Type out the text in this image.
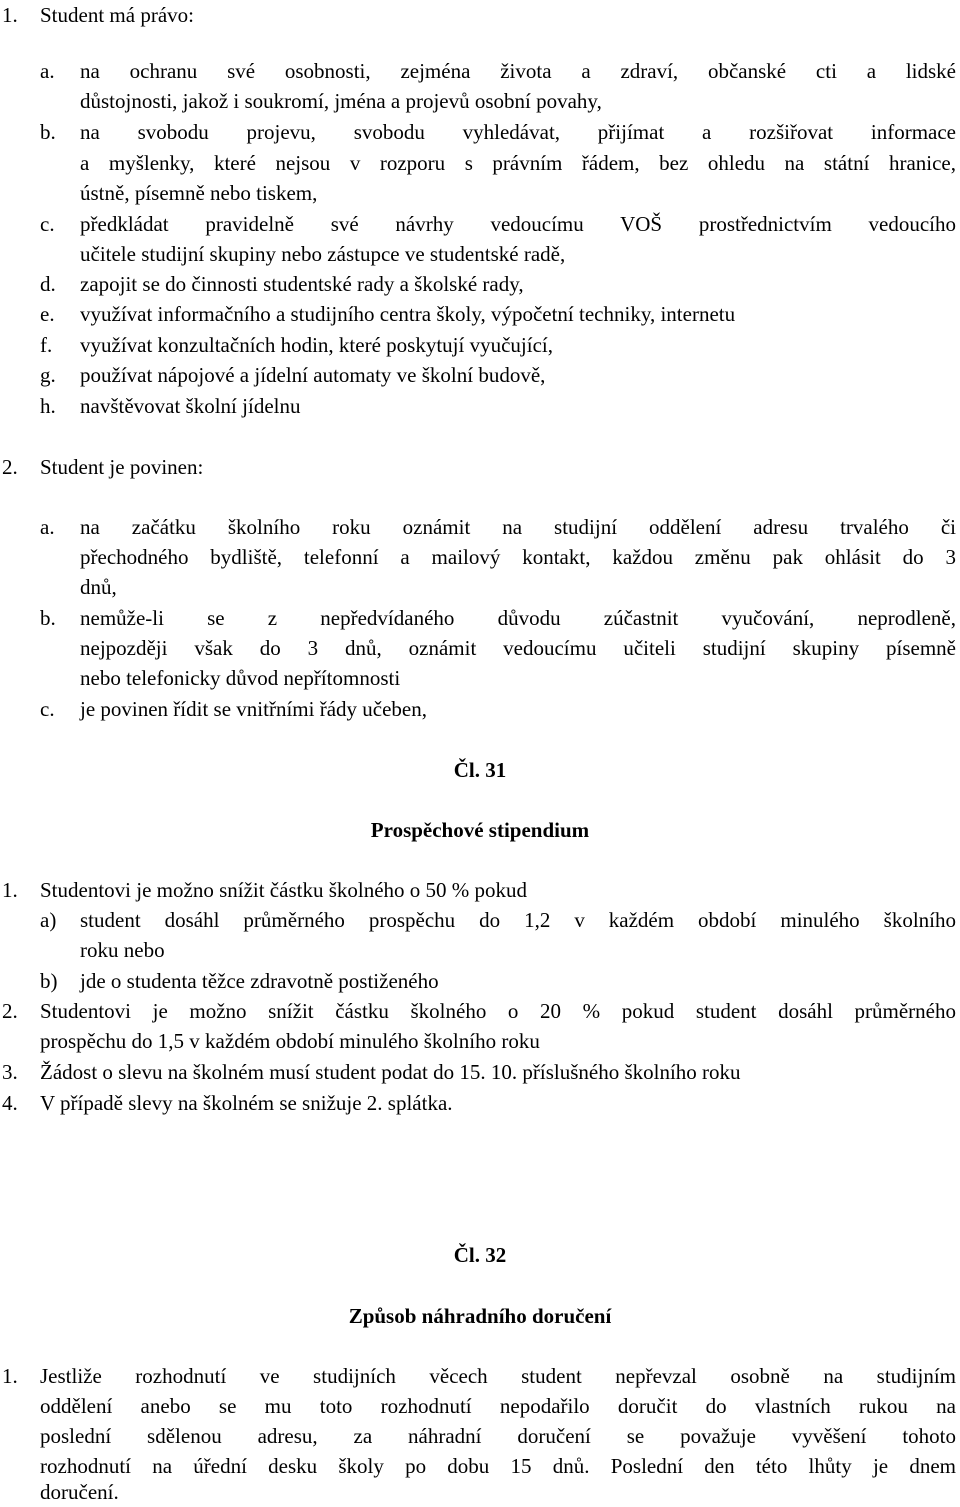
1. Student má právo:
a. na ochranu své osobnosti, zejména života a zdraví, občanské cti a lidské
důstojnosti, jakož i soukromí, jména a projevů osobní povahy,
b. na svobodu projevu, svobodu vyhledávat, přijímat a rozšiřovat informace
a myšlenky, které nejsou v rozporu s právním řádem, bez ohledu na státní hranice,
ústně, písemně nebo tiskem,
c. předkládat pravidelně své návrhy vedoucímu VOŠ prostřednictvím vedoucího
učitele studijní skupiny nebo zástupce ve studentské radě,
d. zapojit se do činnosti studentské rady a školské rady,
e. využívat informačního a studijního centra školy, výpočetní techniky, internetu
f. využívat konzultačních hodin, které poskytují vyučující,
g. používat nápojové a jídelní automaty ve školní budově,
h. navštěvovat školní jídelnu
2. Student je povinen:
a. na začátku školního roku oznámit na studijní oddělení adresu trvalého či
přechodného bydliště, telefonní a mailový kontakt, každou změnu pak ohlásit do 3
dnů,
b. nemůže-li se z nepředvídaného důvodu zúčastnit vyučování, neprodleně,
nejpozději však do 3 dnů, oznámit vedoucímu učiteli studijní skupiny písemně
nebo telefonicky důvod nepřítomnosti
c. je povinen řídit se vnitřními řády učeben,
Čl. 31
Prospěchové stipendium
1. Studentovi je možno snížit částku školného o 50 % pokud
a) student dosáhl průměrného prospěchu do 1,2 v každém období minulého školního
roku nebo
b) jde o studenta těžce zdravotně postiženého
2. Studentovi je možno snížit částku školného o 20 % pokud student dosáhl průměrného
prospěchu do 1,5 v každém období minulého školního roku
3. Žádost o slevu na školném musí student podat do 15. 10. příslušného školního roku
4. V případě slevy na školném se snižuje 2. splátka.
Čl. 32
Způsob náhradního doručení
1. Jestliže rozhodnutí ve studijních věcech student nepřevzal osobně na studijním
oddělení anebo se mu toto rozhodnutí nepodařilo doručit do vlastních rukou na
poslední sdělenou adresu, za náhradní doručení se považuje vyvěšení tohoto
rozhodnutí na úřední desku školy po dobu 15 dnů. Poslední den této lhůty je dnem
doručení.
